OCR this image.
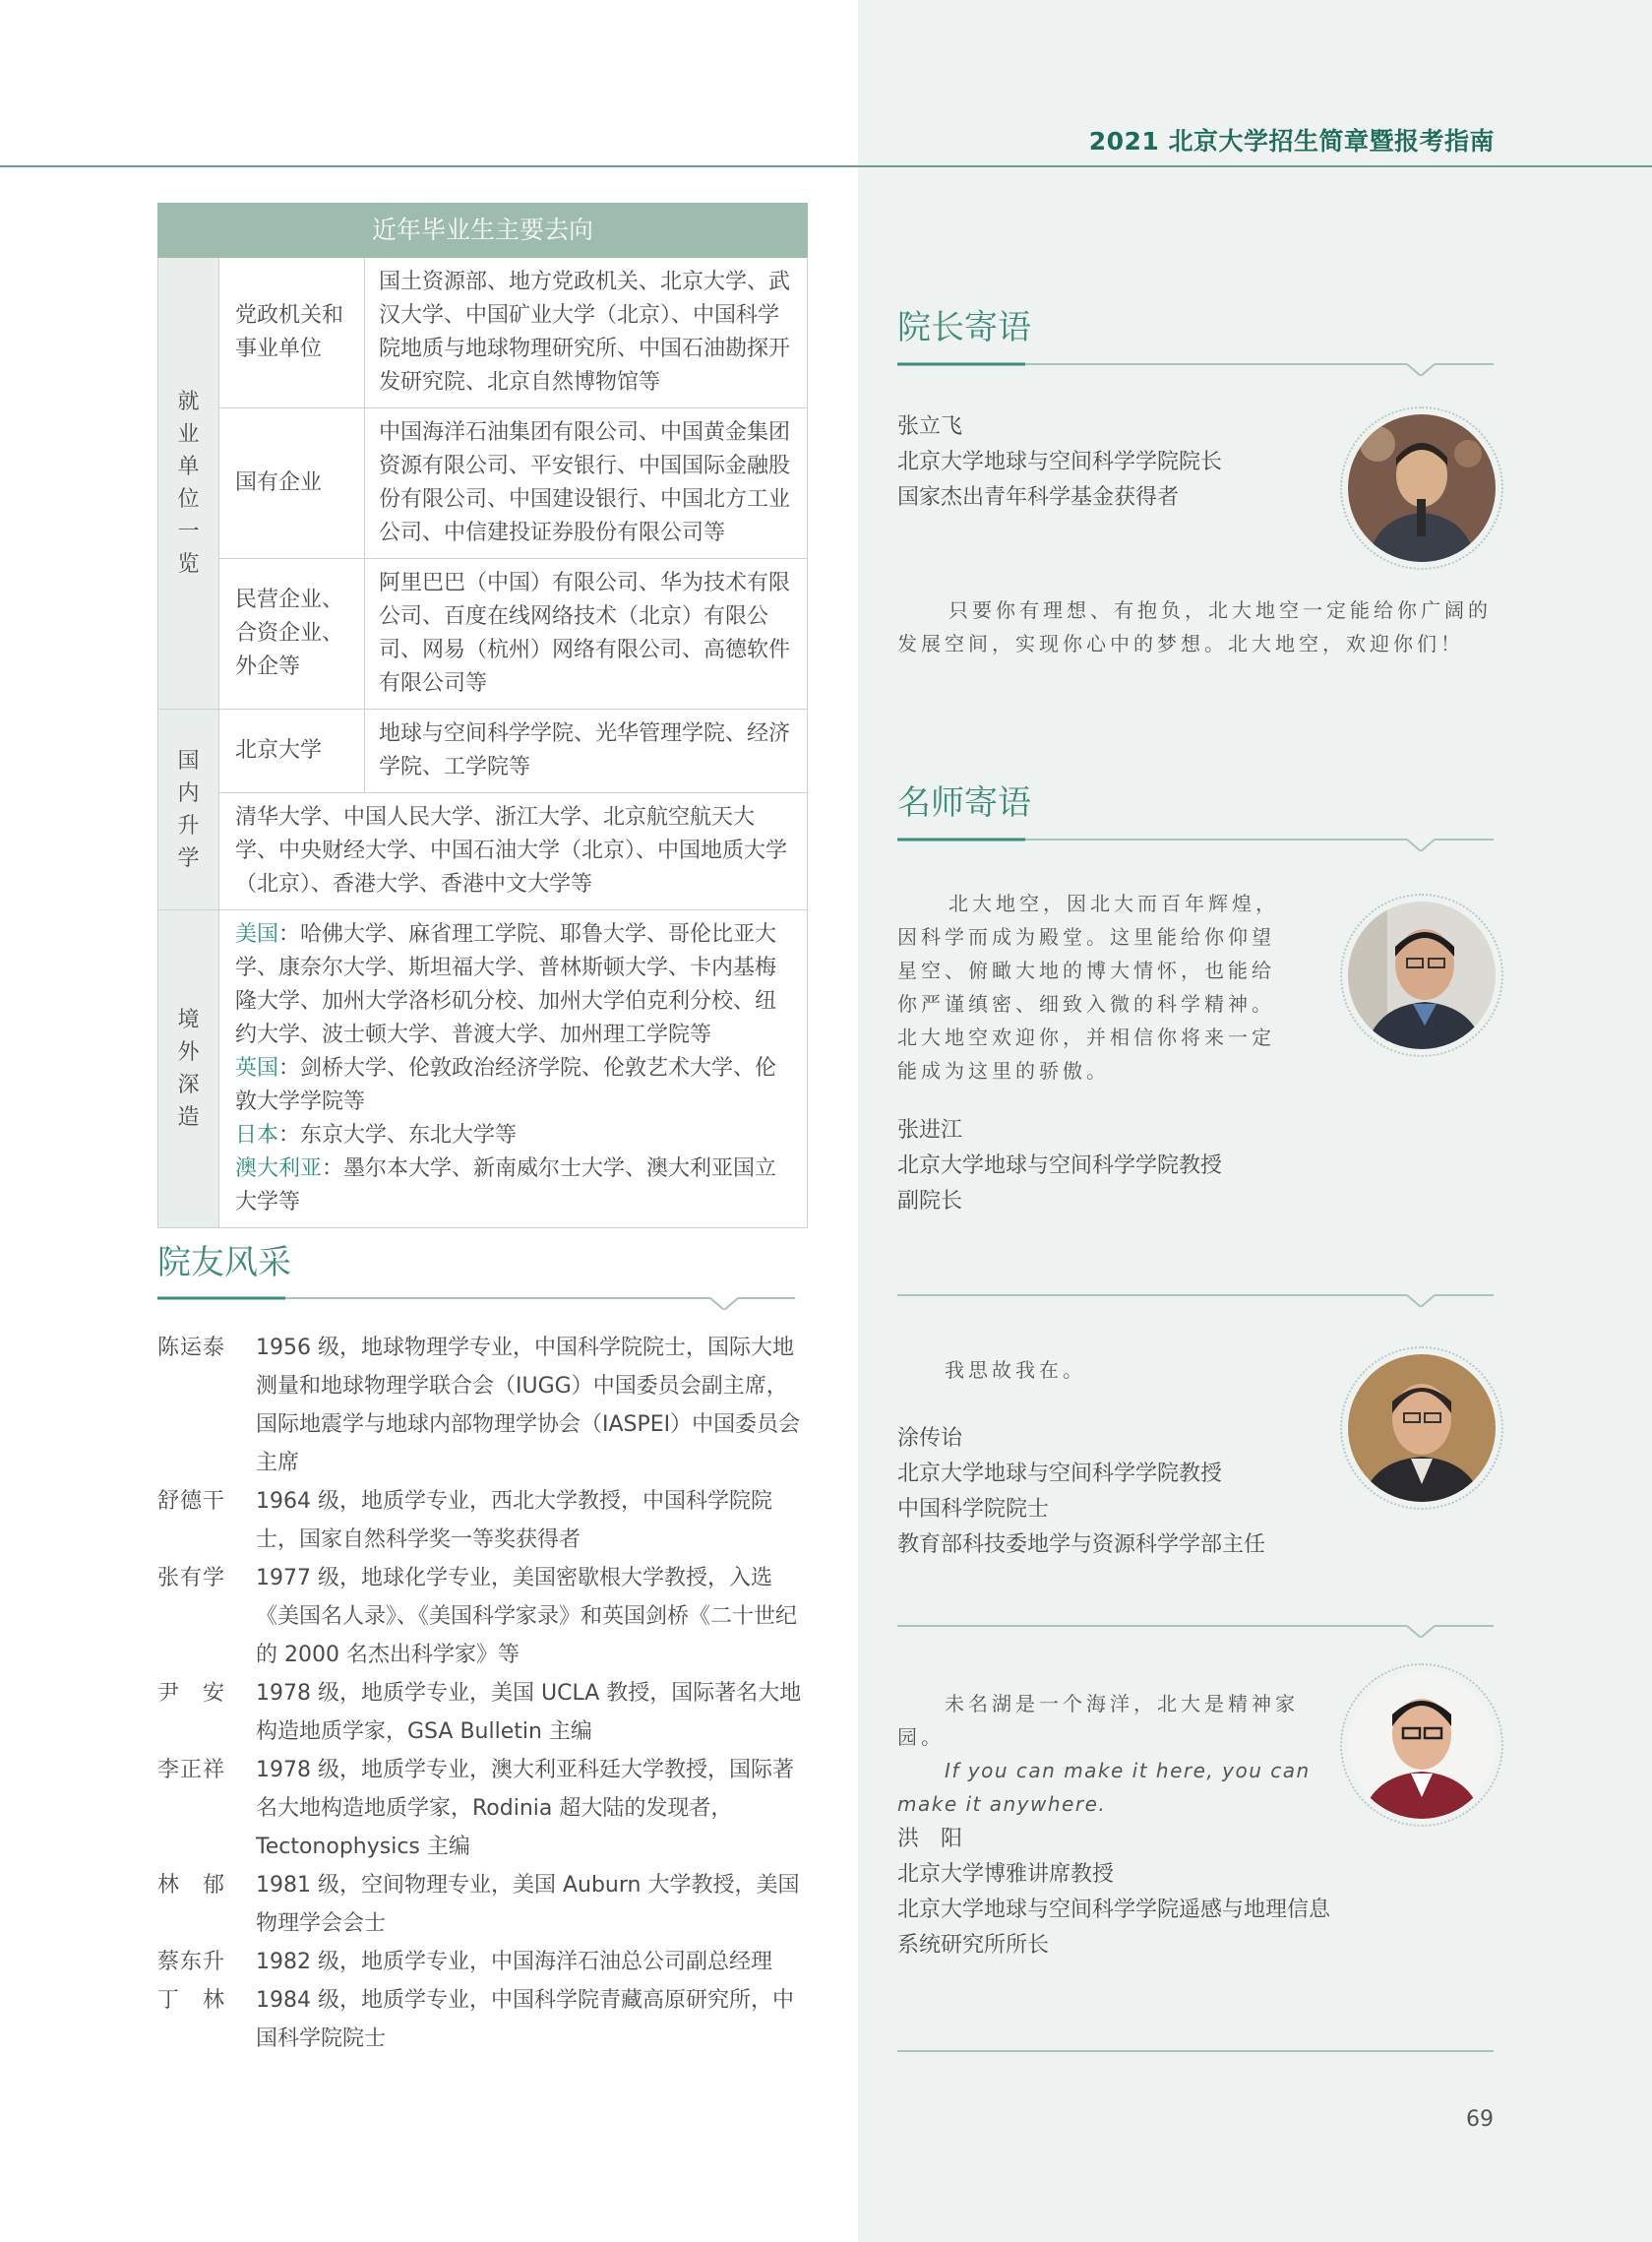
2021 北京大学招生简章暨报考指南
近年毕业生主要去向		

就业单位一览	党政机关和事业单位	国土资源部、地方党政机关、北京大学、武汉大学、中国矿业大学（北京）、中国科学院地质与地球物理研究所、中国石油勘探开发研究院、北京自然博物馆等
	国有企业	中国海洋石油集团有限公司、中国黄金集团资源有限公司、平安银行、中国国际金融股份有限公司、中国建设银行、中国北方工业公司、中信建投证券股份有限公司等
	民营企业、合资企业、外企等	阿里巴巴（中国）有限公司、华为技术有限公司、百度在线网络技术（北京）有限公司、网易（杭州）网络有限公司、高德软件有限公司等

国内升学	北京大学	地球与空间科学学院、光华管理学院、经济学院、工学院等
	清华大学、中国人民大学、浙江大学、北京航空航天大学、中央财经大学、中国石油大学（北京）、中国地质大学（北京）、香港大学、香港中文大学等	

境外深造	美国：哈佛大学、麻省理工学院、耶鲁大学、哥伦比亚大学、康奈尔大学、斯坦福大学、普林斯顿大学、卡内基梅隆大学、加州大学洛杉矶分校、加州大学伯克利分校、纽约大学、波士顿大学、普渡大学、加州理工学院等
英国：剑桥大学、伦敦政治经济学院、伦敦艺术大学、伦敦大学学院等
日本：东京大学、东北大学等
澳大利亚：墨尔本大学、新南威尔士大学、澳大利亚国立大学等	
院友风采
陈运泰	1956 级，地球物理学专业，中国科学院院士，国际大地测量和地球物理学联合会（IUGG）中国委员会副主席，国际地震学与地球内部物理学协会（IASPEI）中国委员会主席
舒德干	1964 级，地质学专业，西北大学教授，中国科学院院士，国家自然科学奖一等奖获得者
张有学	1977 级，地球化学专业，美国密歇根大学教授，入选《美国名人录》、《美国科学家录》和英国剑桥《二十世纪的 2000 名杰出科学家》等
尹　安	1978 级，地质学专业，美国 UCLA 教授，国际著名大地构造地质学家，GSA Bulletin 主编
李正祥	1978 级，地质学专业，澳大利亚科廷大学教授，国际著名大地构造地质学家，Rodinia 超大陆的发现者，Tectonophysics 主编
林　郁	1981 级，空间物理专业，美国 Auburn 大学教授，美国物理学会会士
蔡东升	1982 级，地质学专业，中国海洋石油总公司副总经理
丁　林	1984 级，地质学专业，中国科学院青藏高原研究所，中国科学院院士
院长寄语
张立飞
北京大学地球与空间科学学院院长
国家杰出青年科学基金获得者
只要你有理想、有抱负，北大地空一定能给你广阔的发展空间，实现你心中的梦想。北大地空，欢迎你们！
名师寄语
北大地空，因北大而百年辉煌，因科学而成为殿堂。这里能给你仰望星空、俯瞰大地的博大情怀，也能给你严谨缜密、细致入微的科学精神。北大地空欢迎你，并相信你将来一定能成为这里的骄傲。
张进江
北京大学地球与空间科学学院教授
副院长
我思故我在。
涂传诒
北京大学地球与空间科学学院教授
中国科学院院士
教育部科技委地学与资源科学学部主任
未名湖是一个海洋，北大是精神家园。
If you can make it here, you can make it anywhere.
洪　阳
北京大学博雅讲席教授
北京大学地球与空间科学学院遥感与地理信息系统研究所所长
69
